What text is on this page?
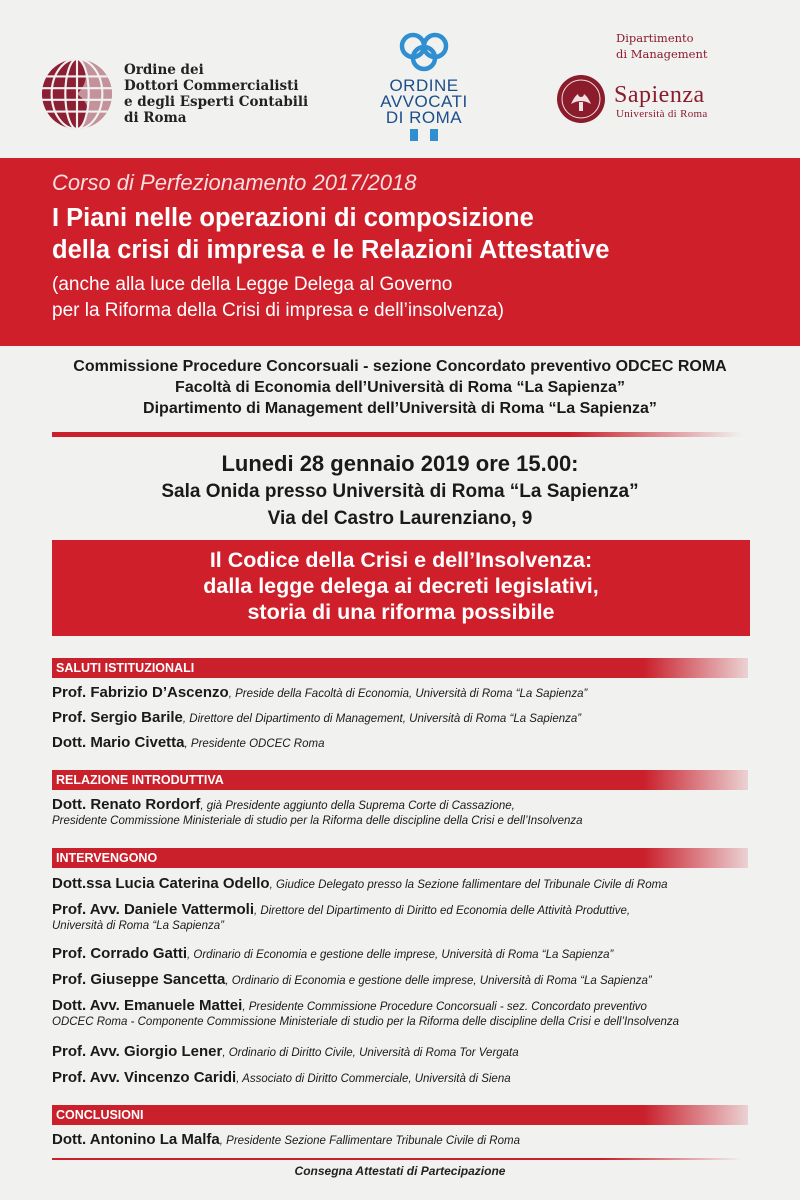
Ordine dei
Dottori Commercialisti
e degli Esperti Contabili
di Roma
ORDINE
AVVOCATI
DI ROMA
Dipartimento
di Management
Sapienza
Università di Roma
Corso di Perfezionamento 2017/2018
I Piani nelle operazioni di composizione
della crisi di impresa e le Relazioni Attestative
(anche alla luce della Legge Delega al Governo
per la Riforma della Crisi di impresa e dell’insolvenza)
Commissione Procedure Concorsuali - sezione Concordato preventivo ODCEC ROMA
Facoltà di Economia dell’Università di Roma “La Sapienza”
Dipartimento di Management dell’Università di Roma “La Sapienza”
Lunedi 28 gennaio 2019 ore 15.00:
Sala Onida presso Università di Roma “La Sapienza”
Via del Castro Laurenziano, 9
Il Codice della Crisi e dell’Insolvenza:
dalla legge delega ai decreti legislativi,
storia di una riforma possibile
SALUTI ISTITUZIONALI
Prof. Fabrizio D’Ascenzo, Preside della Facoltà di Economia, Università di Roma “La Sapienza”
Prof. Sergio Barile, Direttore del Dipartimento di Management, Università di Roma “La Sapienza”
Dott. Mario Civetta, Presidente ODCEC Roma
RELAZIONE INTRODUTTIVA
Dott. Renato Rordorf, già Presidente aggiunto della Suprema Corte di Cassazione,
Presidente Commissione Ministeriale di studio per la Riforma delle discipline della Crisi e dell’Insolvenza
INTERVENGONO
Dott.ssa Lucia Caterina Odello, Giudice Delegato presso la Sezione fallimentare del Tribunale Civile di Roma
Prof. Avv. Daniele Vattermoli, Direttore del Dipartimento di Diritto ed Economia delle Attività Produttive,
Università di Roma “La Sapienza”
Prof. Corrado Gatti, Ordinario di Economia e gestione delle imprese, Università di Roma “La Sapienza”
Prof. Giuseppe Sancetta, Ordinario di Economia e gestione delle imprese, Università di Roma “La Sapienza”
Dott. Avv. Emanuele Mattei, Presidente Commissione Procedure Concorsuali - sez. Concordato preventivo
ODCEC Roma - Componente Commissione Ministeriale di studio per la Riforma delle discipline della Crisi e dell’Insolvenza
Prof. Avv. Giorgio Lener, Ordinario di Diritto Civile, Università di Roma Tor Vergata
Prof. Avv. Vincenzo Caridi, Associato di Diritto Commerciale, Università di Siena
CONCLUSIONI
Dott. Antonino La Malfa, Presidente Sezione Fallimentare Tribunale Civile di Roma
Consegna Attestati di Partecipazione
